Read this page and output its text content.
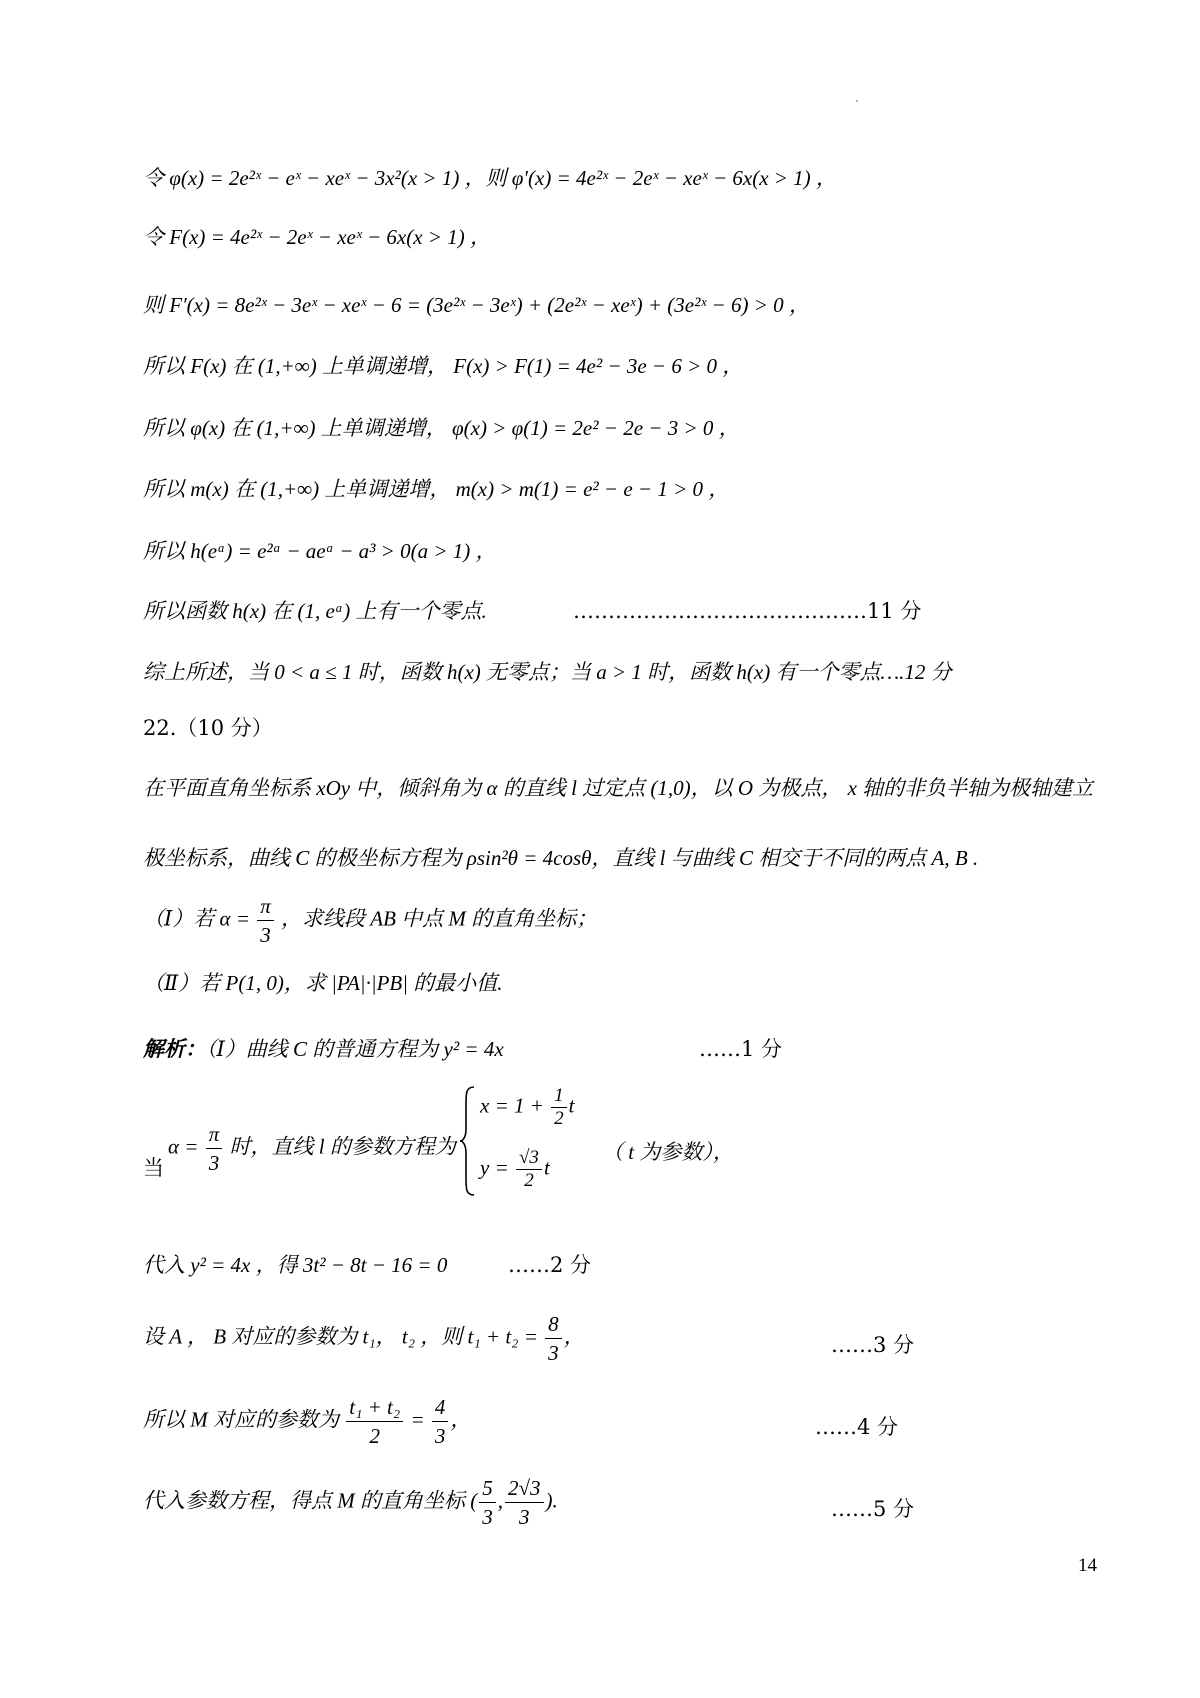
令 φ(x) = 2e²ˣ − eˣ − xeˣ − 3x²(x > 1) ，则 φ′(x) = 4e²ˣ − 2eˣ − xeˣ − 6x(x > 1) ，
令 F(x) = 4e²ˣ − 2eˣ − xeˣ − 6x(x > 1) ，
则 F′(x) = 8e²ˣ − 3eˣ − xeˣ − 6 = (3e²ˣ − 3eˣ) + (2e²ˣ − xeˣ) + (3e²ˣ − 6) > 0 ，
所以 F(x) 在 (1,+∞) 上单调递增， F(x) > F(1) = 4e² − 3e − 6 > 0 ，
所以 φ(x) 在 (1,+∞) 上单调递增， φ(x) > φ(1) = 2e² − 2e − 3 > 0 ，
所以 m(x) 在 (1,+∞) 上单调递增， m(x) > m(1) = e² − e − 1 > 0 ，
所以 h(eᵃ) = e²ᵃ − aeᵃ − a³ > 0(a > 1) ，
所以函数 h(x) 在 (1, eᵃ) 上有一个零点.	……………………………………11 分
综上所述，当 0 < a ≤ 1 时，函数 h(x) 无零点；当 a > 1 时，函数 h(x) 有一个零点….12 分
22.（10 分）
在平面直角坐标系 xOy 中，倾斜角为 α 的直线 l 过定点 (1,0)，以 O 为极点， x 轴的非负半轴为极轴建立
极坐标系，曲线 C 的极坐标方程为 ρsin²θ = 4cosθ，直线 l 与曲线 C 相交于不同的两点 A, B .
（Ⅰ）若 $\alpha = \frac{\pi}{3}$ ，求线段 AB 中点 M 的直角坐标；
（Ⅱ）若 P(1, 0)，求 |PA|·|PB| 的最小值.
解析：（Ⅰ）曲线 C 的普通方程为 y² = 4x	……1 分
当
$\alpha = \frac{\pi}{3}$ 时，直线 l 的参数方程为
$x = 1 + \frac{1}{2}$ t
$y = \frac{√3}{2}$ t
（ t 为参数），
代入 y² = 4x ，得 3t² − 8t − 16 = 0	……2 分
设 A ， B 对应的参数为 t₁， t₂ ，则 $t_1 + t_2 = \frac{8}{3}$ ，	……3 分
所以 M 对应的参数为 $\frac{\text{t₁ + t₂}}{2} = \frac{4}{3}$ ，	……4 分
代入参数方程，得点 M 的直角坐标 ( $\frac{5}{3}$ , $\frac{2√3}{3}$ ).	……5 分
14
